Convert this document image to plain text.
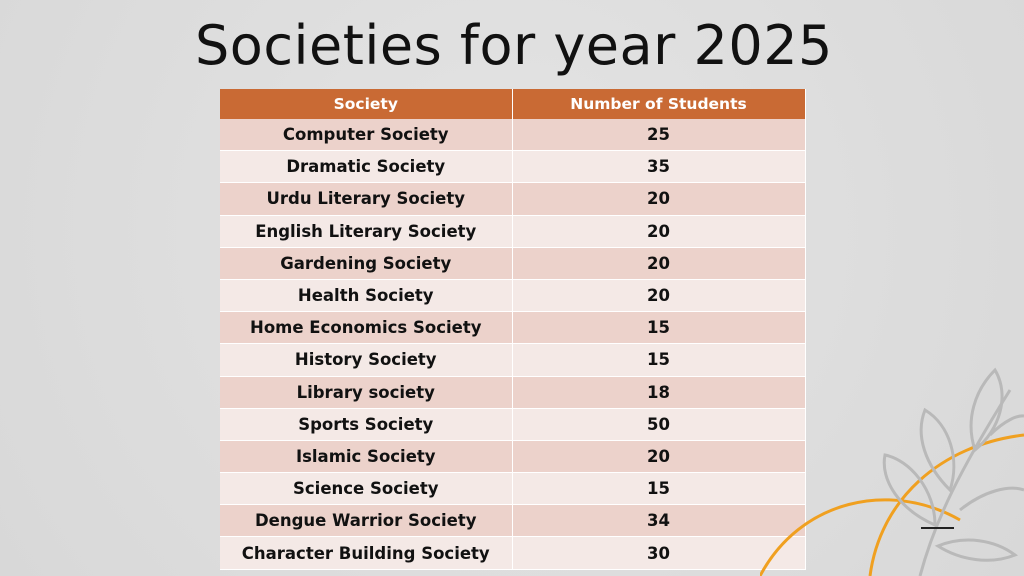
Societies for year 2025
Society	Number of Students
Computer Society	25
Dramatic Society	35
Urdu Literary Society	20
English Literary Society	20
Gardening Society	20
Health Society	20
Home Economics Society	15
History Society	15
Library society	18
Sports Society	50
Islamic Society	20
Science Society	15
Dengue Warrior Society	34
Character Building Society	30
